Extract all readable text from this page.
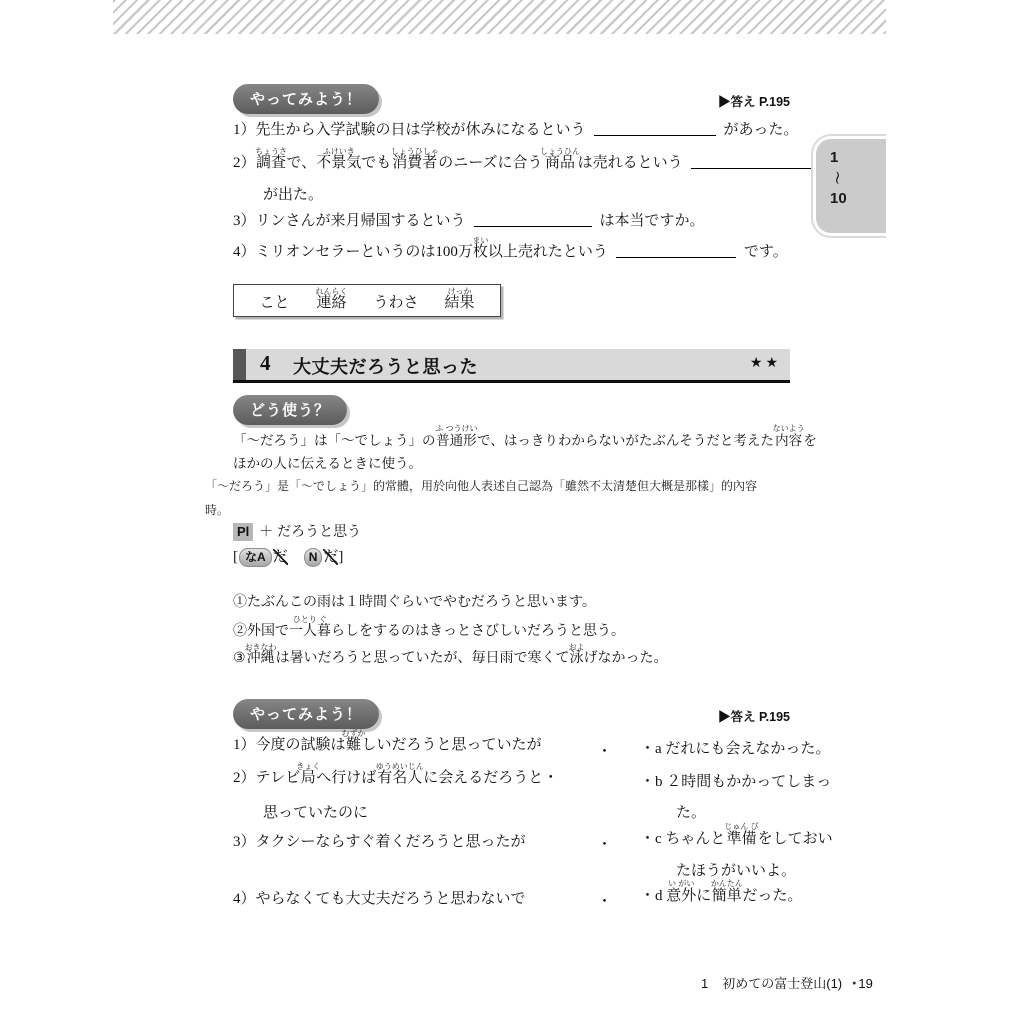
やってみよう！	▶答え P.195
1）先生から入学試験の日は学校が休みになるという	があった。
2）調査ちょうさで、不景気ふけいきでも消費者しょうひしゃのニーズに合う商品しょうひんは売れるという
が出た。
3）リンさんが来月帰国するという	は本当ですか。
4）ミリオンセラーというのは100万枚まい以上売れたという	です。
こと 連絡れんらく
うわさ 結果けっか
4 大丈夫だろうと思った	★★
どう使う？
「～だろう」は「～でしょう」の普通形ふ つうけいで、はっきりわからないがたぶんそうだと考えた内容ないようを
ほかの人に伝えるときに使う。
「～だろう」是「～でしょう」的常體，用於向他人表述自己認為「雖然不太清楚但大概是那樣」的內容
時。
Pl ＋ だろうと思う
[ なA だ　 N だ]
①たぶんこの雨は１時間ぐらいでやむだろうと思います。
②外国で一人暮ひとり ぐらしをするのはきっとさびしいだろうと思う。
③沖縄おきなわは暑いだろうと思っていたが、毎日雨で寒くて泳およげなかった。
やってみよう！	▶答え P.195
1）今度の試験は難むずかしいだろうと思っていたが	・ ・a だれにも会えなかった。
2）テレビ局きょくへ行けば有名人ゆうめいじんに会えるだろうと・	・b ２時間もかかってしまっ
思っていたのに	た。
3）タクシーならすぐ着くだろうと思ったが	・ ・c ちゃんと準備じゅん びをしておい
たほうがいいよ。
4）やらなくても大丈夫だろうと思わないで	・ ・d 意外い がいに簡単かんたんだった。
1
〜
10
1 初めての富士登山(1) ● 19
